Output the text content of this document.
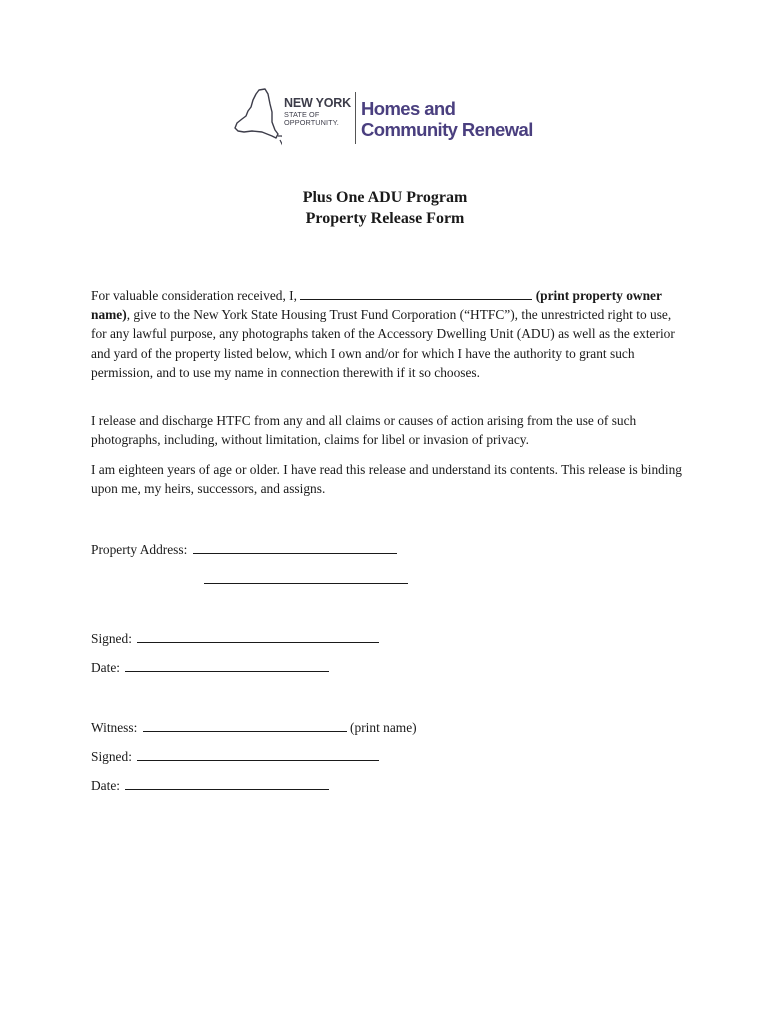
NEW YORK
STATE OF
OPPORTUNITY.
Homes and
Community Renewal
Plus One ADU Program
Property Release Form

For valuable consideration received, I,	(print property owner name), give to the New York State Housing Trust Fund Corporation (“HTFC”), the unrestricted right to use, for any lawful purpose, any photographs taken of the Accessory Dwelling Unit (ADU) as well as the exterior and yard of the property listed below, which I own and/or for which I have the authority to grant such permission, and to use my name in connection therewith if it so chooses.

I release and discharge HTFC from any and all claims or causes of action arising from the use of such photographs, including, without limitation, claims for libel or invasion of privacy.

I am eighteen years of age or older. I have read this release and understand its contents. This release is binding upon me, my heirs, successors, and assigns.

Property Address:
Signed:
Date:
Witness:	(print name)
Signed:
Date:
